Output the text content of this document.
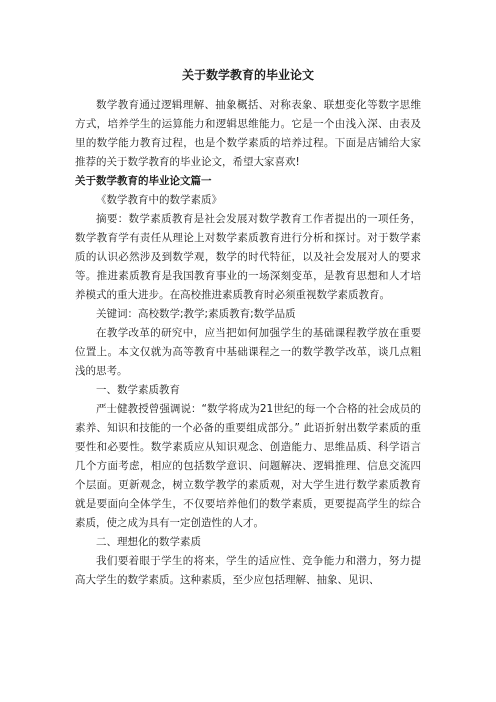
关于数学教育的毕业论文

数学教育通过逻辑理解、抽象概括、对称表象、联想变化等数字思维方式，培养学生的运算能力和逻辑思维能力。它是一个由浅入深、由表及里的数学能力教育过程，也是个数学素质的培养过程。下面是店铺给大家推荐的关于数学教育的毕业论文，希望大家喜欢!

关于数学教育的毕业论文篇一

《数学教育中的数学素质》

摘要：数学素质教育是社会发展对数学教育工作者提出的一项任务，数学教育学有责任从理论上对数学素质教育进行分析和探讨。对于数学素质的认识必然涉及到数学观，数学的时代特征，以及社会发展对人的要求等。推进素质教育是我国教育事业的一场深刻变革，是教育思想和人才培养模式的重大进步。在高校推进素质教育时必须重视数学素质教育。

关键词：高校数学;教学;素质教育;数学品质

在教学改革的研究中，应当把如何加强学生的基础课程教学放在重要位置上。本文仅就为高等教育中基础课程之一的数学教学改革，谈几点粗浅的思考。

一、数学素质教育

严士健教授曾强调说：“数学将成为21世纪的每一个合格的社会成员的素养、知识和技能的一个必备的重要组成部分。” 此语折射出数学素质的重要性和必要性。数学素质应从知识观念、创造能力、思维品质、科学语言几个方面考虑，相应的包括数学意识、问题解决、逻辑推理、信息交流四个层面。更新观念，树立数学教学的素质观，对大学生进行数学素质教育就是要面向全体学生，不仅要培养他们的数学素质，更要提高学生的综合素质，使之成为具有一定创造性的人才。

二、理想化的数学素质

我们要着眼于学生的将来，学生的适应性、竞争能力和潜力，努力提高大学生的数学素质。这种素质，至少应包括理解、抽象、见识、
